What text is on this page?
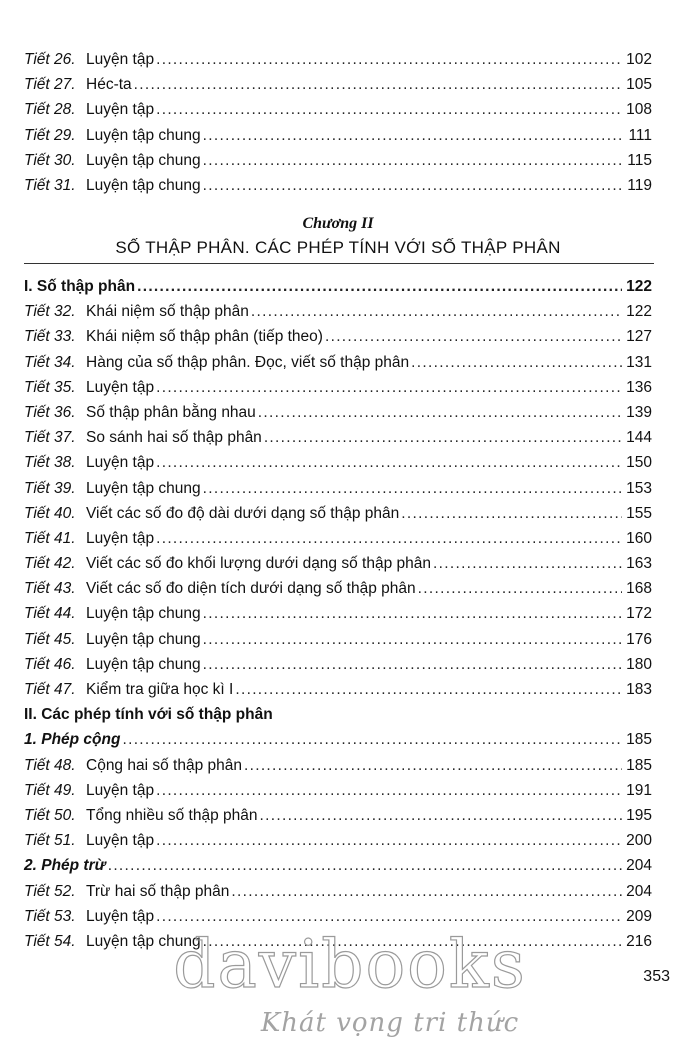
Tiết 26. Luyện tập . . .	102
Tiết 27. Héc-ta . . .	105
Tiết 28. Luyện tập . . .	108
Tiết 29. Luyện tập chung . . .	111
Tiết 30. Luyện tập chung . . .	115
Tiết 31. Luyện tập chung . . .	119
Chương II
SỐ THẬP PHÂN. CÁC PHÉP TÍNH VỚI SỐ THẬP PHÂN
I. Số thập phân . . .	122
Tiết 32. Khái niệm số thập phân . . .	122
Tiết 33. Khái niệm số thập phân (tiếp theo) . . .	127
Tiết 34. Hàng của số thập phân. Đọc, viết số thập phân . . .	131
Tiết 35. Luyện tập . . .	136
Tiết 36. Số thập phân bằng nhau . . .	139
Tiết 37. So sánh hai số thập phân . . .	144
Tiết 38. Luyện tập . . .	150
Tiết 39. Luyện tập chung . . .	153
Tiết 40. Viết các số đo độ dài dưới dạng số thập phân . . .	155
Tiết 41. Luyện tập . . .	160
Tiết 42. Viết các số đo khối lượng dưới dạng số thập phân . . .	163
Tiết 43. Viết các số đo diện tích dưới dạng số thập phân . . .	168
Tiết 44. Luyện tập chung . . .	172
Tiết 45. Luyện tập chung . . .	176
Tiết 46. Luyện tập chung . . .	180
Tiết 47. Kiểm tra giữa học kì I . . .	183
II. Các phép tính với số thập phân
1. Phép cộng . . .	185
Tiết 48. Cộng hai số thập phân . . .	185
Tiết 49. Luyện tập . . .	191
Tiết 50. Tổng nhiều số thập phân . . .	195
Tiết 51. Luyện tập . . .	200
2. Phép trừ . . .	204
Tiết 52. Trừ hai số thập phân . . .	204
Tiết 53. Luyện tập . . .	209
Tiết 54. Luyện tập chung . . .	216
davibooks
Khát vọng tri thức
353
